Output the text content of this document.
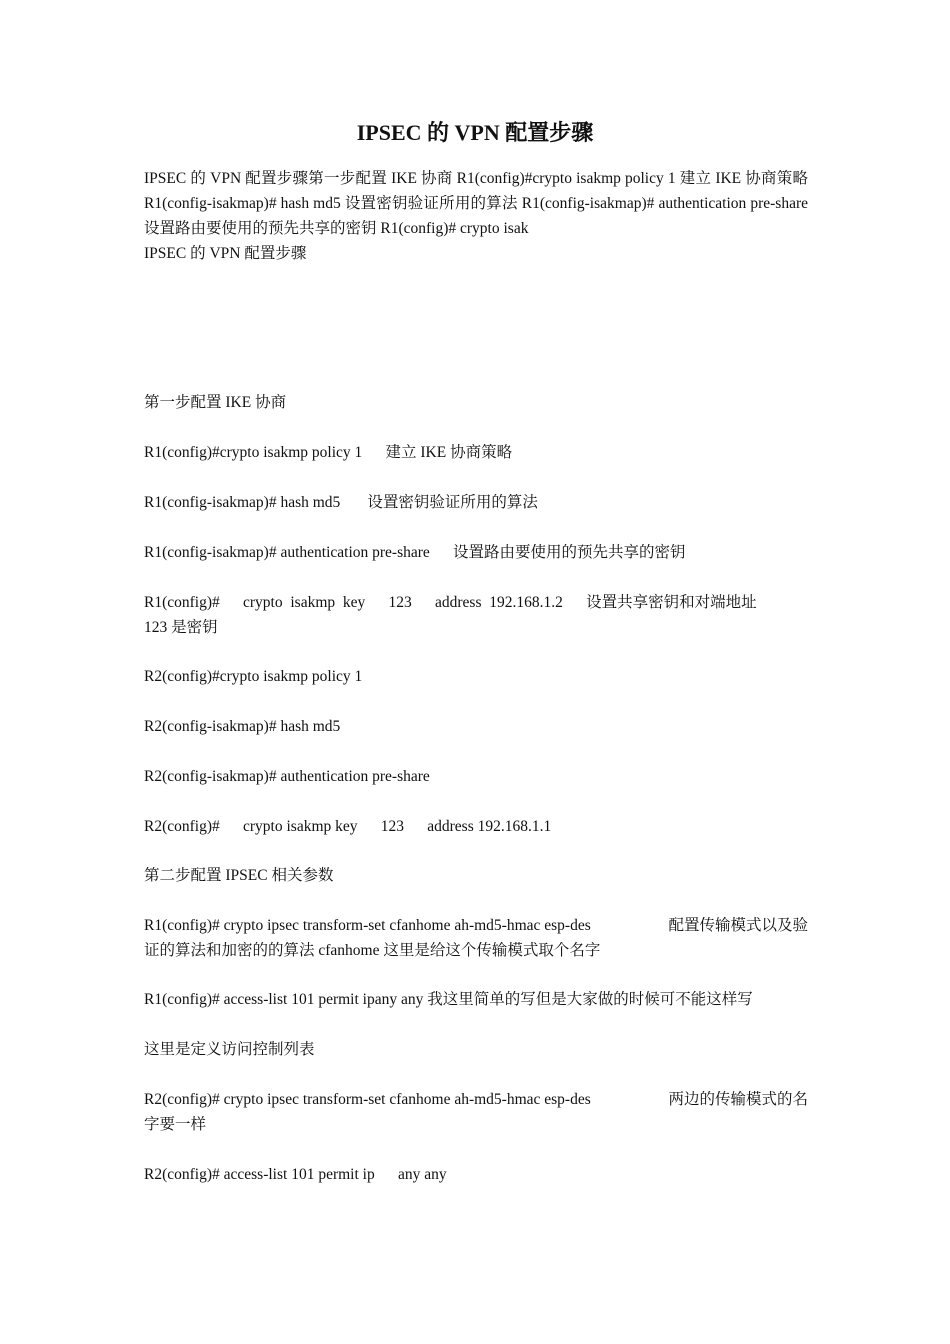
IPSEC 的 VPN 配置步骤
IPSEC 的 VPN 配置步骤第一步配置 IKE 协商 R1(config)#crypto isakmp policy 1 建立 IKE 协商策略 R1(config-isakmap)# hash md5 设置密钥验证所用的算法 R1(config-isakmap)# authentication pre-share 设置路由要使用的预先共享的密钥 R1(config)# crypto isak
IPSEC 的 VPN 配置步骤
第一步配置 IKE 协商
R1(config)#crypto isakmp policy 1      建立 IKE 协商策略
R1(config-isakmap)# hash md5       设置密钥验证所用的算法
R1(config-isakmap)# authentication pre-share      设置路由要使用的预先共享的密钥
R1(config)#      crypto  isakmp  key      123      address  192.168.1.2      设置共享密钥和对端地址
123 是密钥
R2(config)#crypto isakmp policy 1
R2(config-isakmap)# hash md5
R2(config-isakmap)# authentication pre-share
R2(config)#      crypto isakmp key      123      address 192.168.1.1
第二步配置 IPSEC 相关参数
R1(config)# crypto ipsec transform-set cfanhome ah-md5-hmac esp-des	配置传输模式以及验
证的算法和加密的的算法 cfanhome 这里是给这个传输模式取个名字
R1(config)# access-list 101 permit ipany any 我这里简单的写但是大家做的时候可不能这样写
这里是定义访问控制列表
R2(config)# crypto ipsec transform-set cfanhome ah-md5-hmac esp-des	两边的传输模式的名
字要一样
R2(config)# access-list 101 permit ip      any any
